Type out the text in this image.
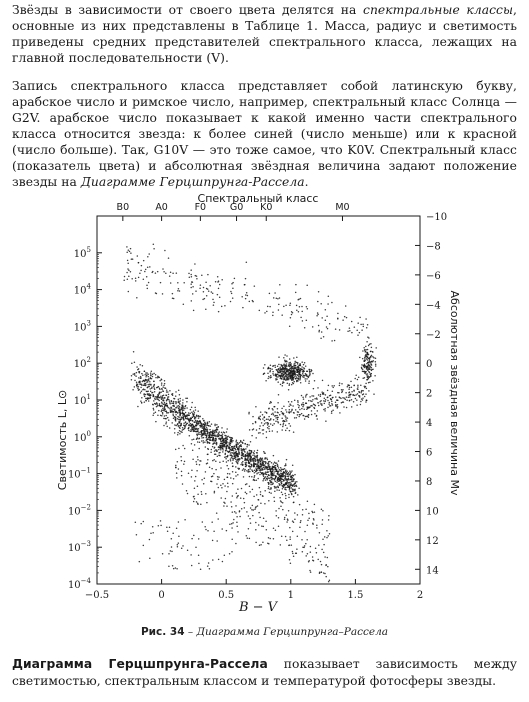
Звёзды в зависимости от своего цвета делятся на спектральные классы, основные из них представлены в Таблице 1. Масса, радиус и светимость приведены средних представителей спектрального класса, лежащих на главной последовательности (V).
Запись спектрального класса представляет собой латинскую букву, арабское число и римское число, например, спектральный класс Солнца — G2V. арабское число показывает к какой именно части спектрального класса относится звезда: к более синей (число меньше) или к красной (число больше). Так, G10V — это тоже самое, что K0V. Спектральный класс (показатель цвета) и абсолютная звёздная величина задают положение звезды на Диаграмме Герцшпрунга-Рассела.
$10^5$
$10^4$
$10^3$
$10^2$
$10^1$
$10^0$
$10^{-1}$
$10^{-2}$
$10^{-3}$
$10^{-4}$
−10
−8
−6
−4
−2
0
2
4
6
8
10
12
14
−0.5	0	0.5	1	1.5	2
B0	A0	F0 G0 K0	M0
Спектральный класс
B − V
Светимость L, L⊙	Абсолютная звёздная величина Mv
Рис. 34 – Диаграмма Герцшпрунга–Рассела
Диаграмма Герцшпрунга-Рассела показывает зависимость между светимостью, спектральным классом и температурой фотосферы звезды.
